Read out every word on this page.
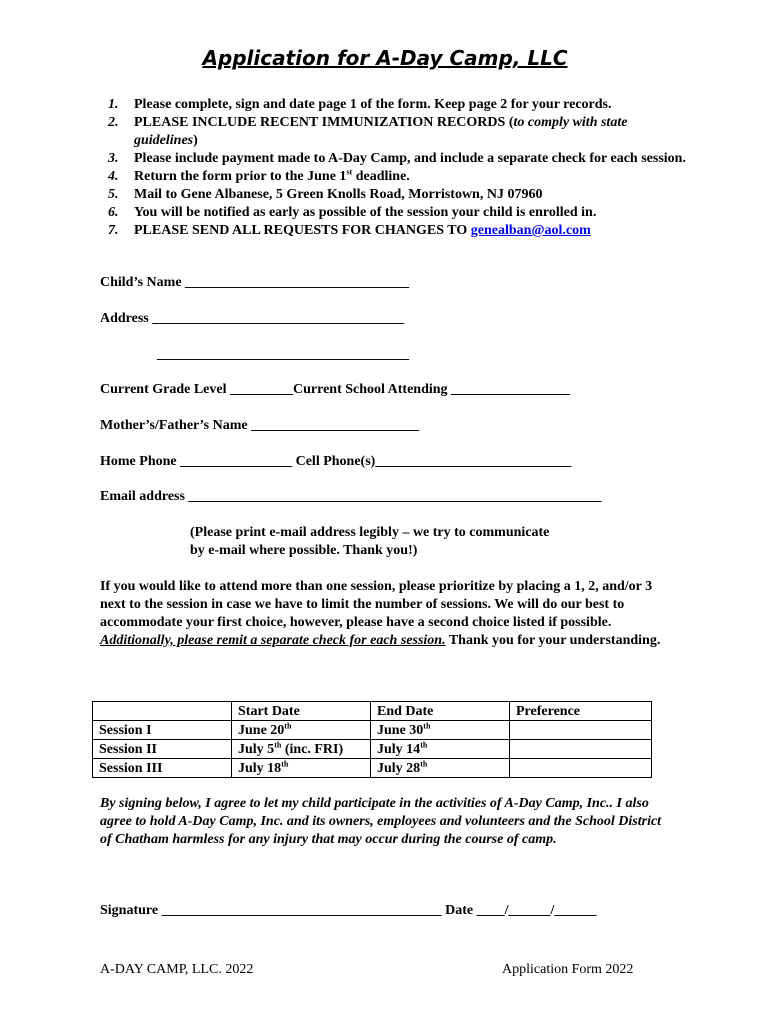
Application for A-Day Camp, LLC
1. Please complete, sign and date page 1 of the form. Keep page 2 for your records.
2. PLEASE INCLUDE RECENT IMMUNIZATION RECORDS (to comply with state guidelines)
3. Please include payment made to A-Day Camp, and include a separate check for each session.
4. Return the form prior to the June 1st deadline.
5. Mail to Gene Albanese, 5 Green Knolls Road, Morristown, NJ 07960
6. You will be notified as early as possible of the session your child is enrolled in.
7. PLEASE SEND ALL REQUESTS FOR CHANGES TO genealban@aol.com
Child’s Name ________________________________
Address ____________________________________
____________________________________
Current Grade Level _________Current School Attending _________________
Mother’s/Father’s Name ________________________
Home Phone ________________ Cell Phone(s)____________________________
Email address ___________________________________________________________
(Please print e-mail address legibly – we try to communicate
by e-mail where possible. Thank you!)
If you would like to attend more than one session, please prioritize by placing a 1, 2, and/or 3 next to the session in case we have to limit the number of sessions. We will do our best to accommodate your first choice, however, please have a second choice listed if possible. Additionally, please remit a separate check for each session. Thank you for your understanding.
	Start Date	End Date	Preference
Session I	June 20th	June 30th	
Session II	July 5th (inc. FRI)	July 14th	
Session III	July 18th	July 28th	
By signing below, I agree to let my child participate in the activities of A-Day Camp, Inc.. I also agree to hold A-Day Camp, Inc. and its owners, employees and volunteers and the School District of Chatham harmless for any injury that may occur during the course of camp.
Signature ________________________________________ Date ____/______/______
A-DAY CAMP, LLC. 2022	Application Form 2022
